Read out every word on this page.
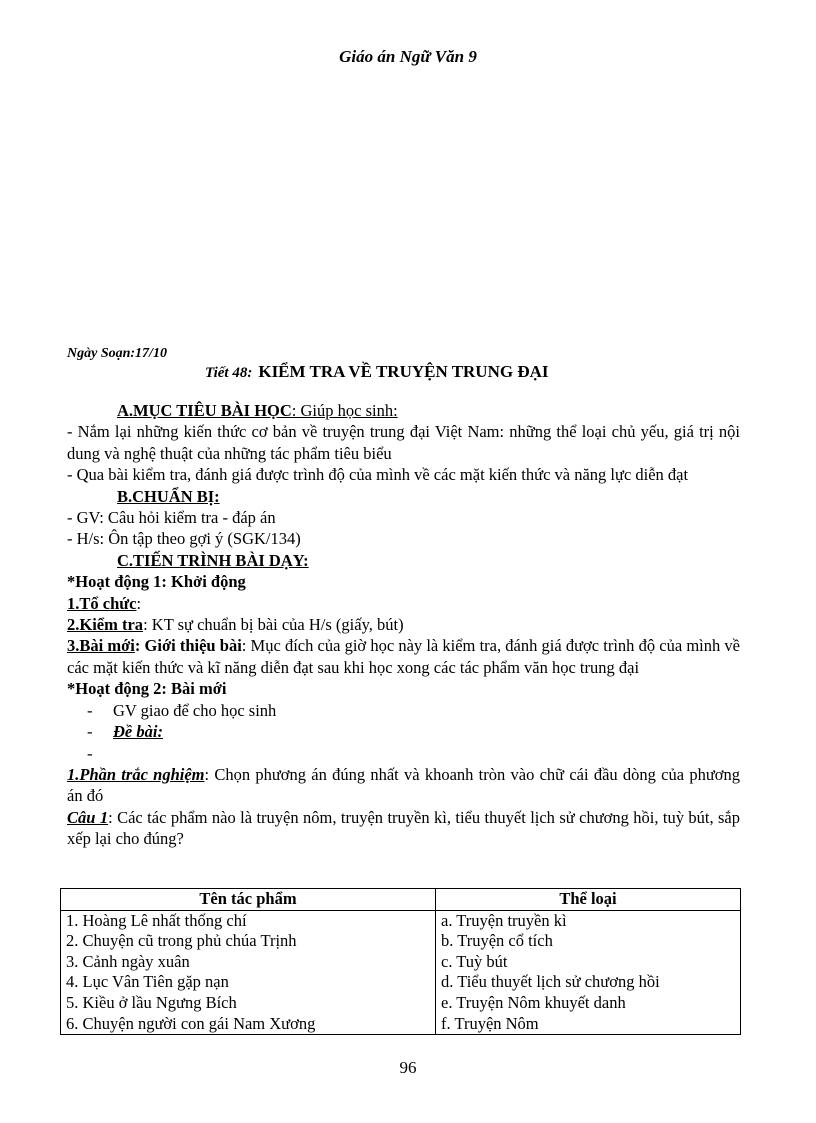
Giáo án Ngữ Văn 9
Ngày Soạn:17/10
Tiết 48: KIỂM TRA VỀ TRUYỆN TRUNG ĐẠI

A.MỤC TIÊU BÀI HỌC: Giúp học sinh:

- Nắm lại những kiến thức cơ bản về truyện trung đại Việt Nam: những thể loại chủ yếu, giá trị nội dung và nghệ thuật của những tác phẩm tiêu biểu

- Qua bài kiểm tra, đánh giá được trình độ của mình về các mặt kiến thức và năng lực diễn đạt

B.CHUẨN BỊ:

- GV: Câu hỏi kiểm tra - đáp án

- H/s: Ôn tập theo gợi ý (SGK/134)

C.TIẾN TRÌNH BÀI DẠY:

*Hoạt động 1: Khởi động

1.Tổ chức:

2.Kiểm tra: KT sự chuẩn bị bài của H/s (giấy, bút)

3.Bài mới: Giới thiệu bài: Mục đích của giờ học này là kiểm tra, đánh giá được trình độ của mình về các mặt kiến thức và kĩ năng diễn đạt sau khi học xong các tác phẩm văn học trung đại

*Hoạt động 2: Bài mới

- GV giao để cho học sinh

- Đề bài:

-

1.Phần trắc nghiệm: Chọn phương án đúng nhất và khoanh tròn vào chữ cái đầu dòng của phương án đó

Câu 1: Các tác phẩm nào là truyện nôm, truyện truyền kì, tiểu thuyết lịch sử chương hồi, tuỳ bút, sắp xếp lại cho đúng?

Tên tác phẩm	Thể loại
1. Hoàng Lê nhất thống chí	a. Truyện truyền kì
2. Chuyện cũ trong phủ chúa Trịnh	b. Truyện cổ tích
3. Cảnh ngày xuân	c. Tuỳ bút
4. Lục Vân Tiên gặp nạn	d. Tiểu thuyết lịch sử chương hồi
5. Kiều ở lầu Ngưng Bích	e. Truyện Nôm khuyết danh
6. Chuyện người con gái Nam Xương	f. Truyện Nôm
96
